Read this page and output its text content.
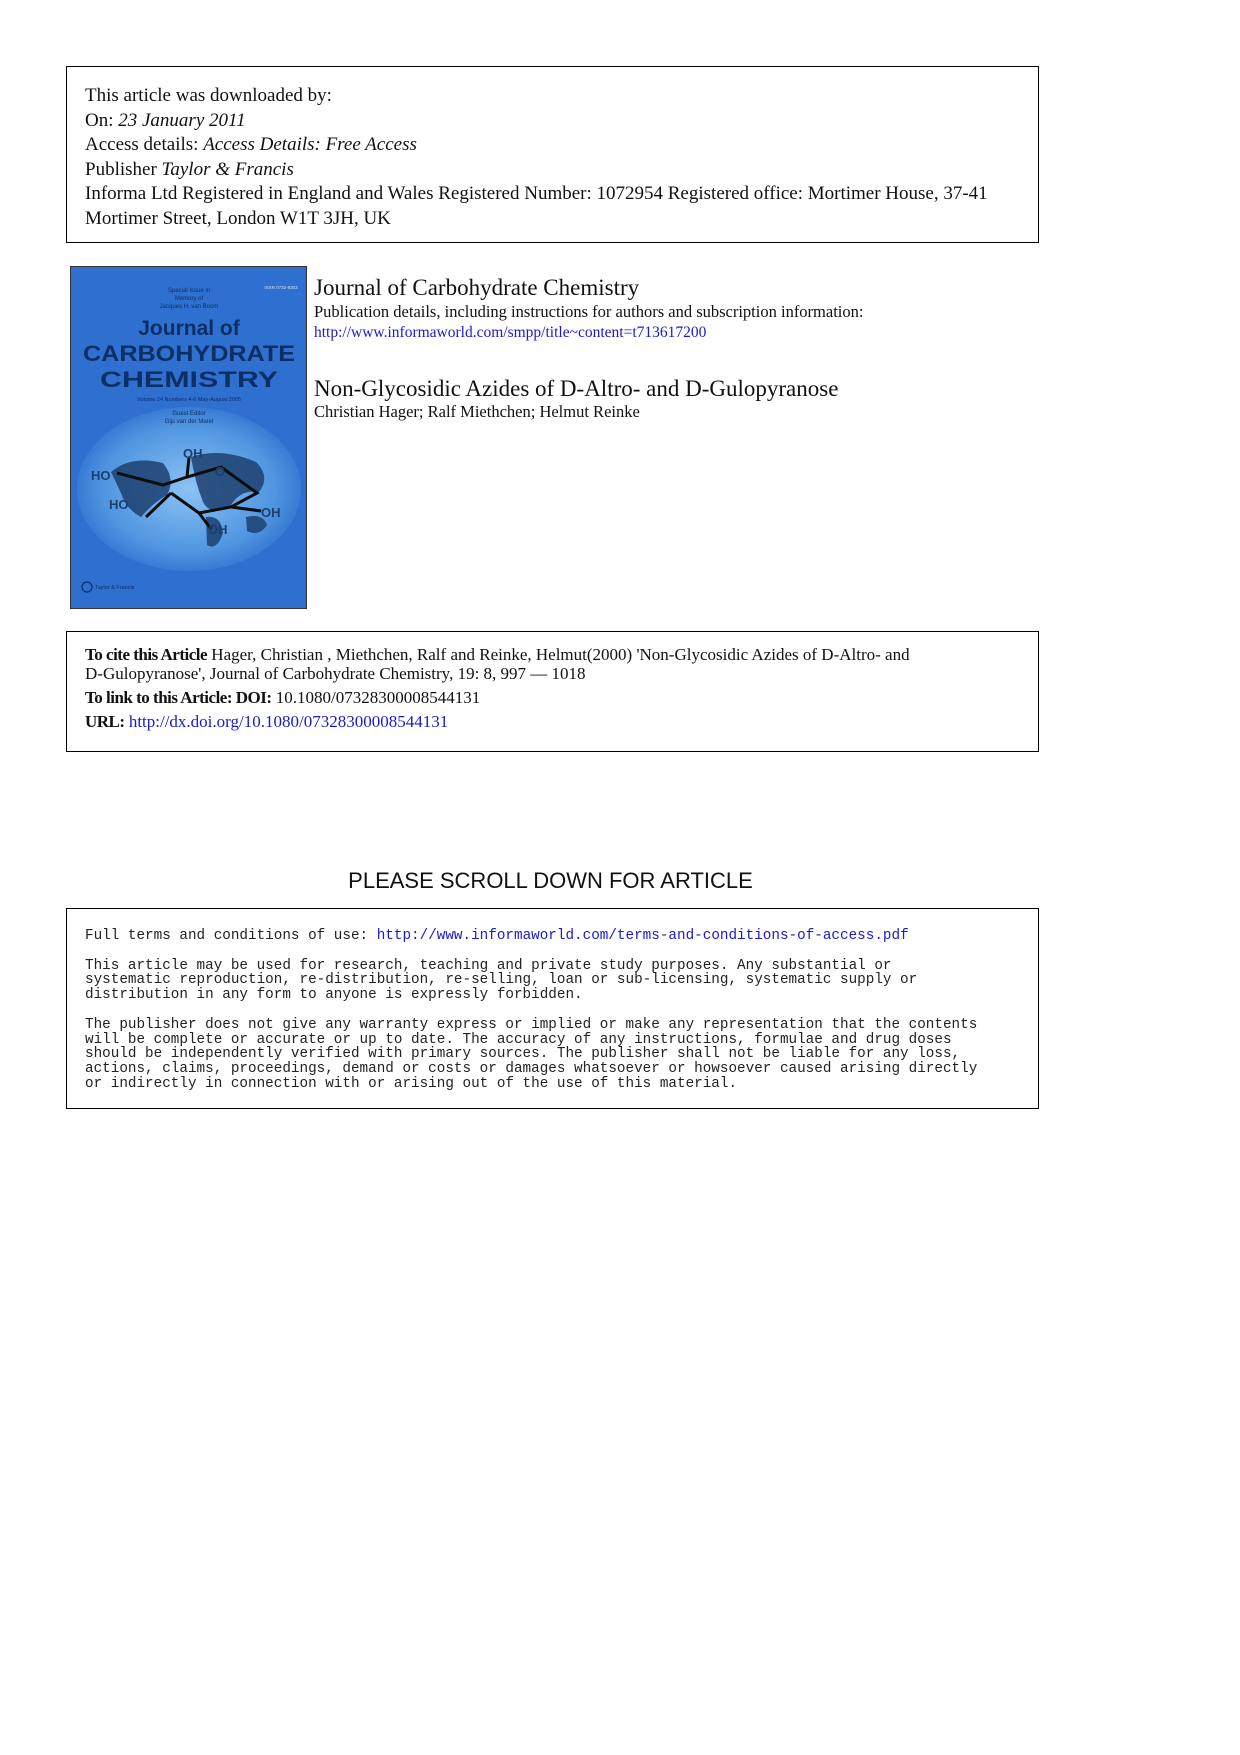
This article was downloaded by:
On: 23 January 2011
Access details: Access Details: Free Access
Publisher Taylor & Francis
Informa Ltd Registered in England and Wales Registered Number: 1072954 Registered office: Mortimer House, 37-41 Mortimer Street, London W1T 3JH, UK
Special Issue in
Memory of
Jacques H. van Boom
ISSN 0732-8303
Journal of
CARBOHYDRATE
CHEMISTRY
Volume 24 Numbers 4-6 May-August 2005
Guest Editor
Gijs van der Marel
OH
HO	O
HO
OH
OH
Taylor & Francis
Journal of Carbohydrate Chemistry
Publication details, including instructions for authors and subscription information:
http://www.informaworld.com/smpp/title~content=t713617200
Non-Glycosidic Azides of D-Altro- and D-Gulopyranose
Christian Hager; Ralf Miethchen; Helmut Reinke
To cite this Article Hager, Christian , Miethchen, Ralf and Reinke, Helmut(2000) 'Non-Glycosidic Azides of D-Altro- and
D-Gulopyranose', Journal of Carbohydrate Chemistry, 19: 8, 997 — 1018
To link to this Article: DOI: 10.1080/07328300008544131
URL: http://dx.doi.org/10.1080/07328300008544131
PLEASE SCROLL DOWN FOR ARTICLE

Full terms and conditions of use: http://www.informaworld.com/terms-and-conditions-of-access.pdf

This article may be used for research, teaching and private study purposes. Any substantial or
systematic reproduction, re-distribution, re-selling, loan or sub-licensing, systematic supply or
distribution in any form to anyone is expressly forbidden.

The publisher does not give any warranty express or implied or make any representation that the contents
will be complete or accurate or up to date. The accuracy of any instructions, formulae and drug doses
should be independently verified with primary sources. The publisher shall not be liable for any loss,
actions, claims, proceedings, demand or costs or damages whatsoever or howsoever caused arising directly
or indirectly in connection with or arising out of the use of this material.
